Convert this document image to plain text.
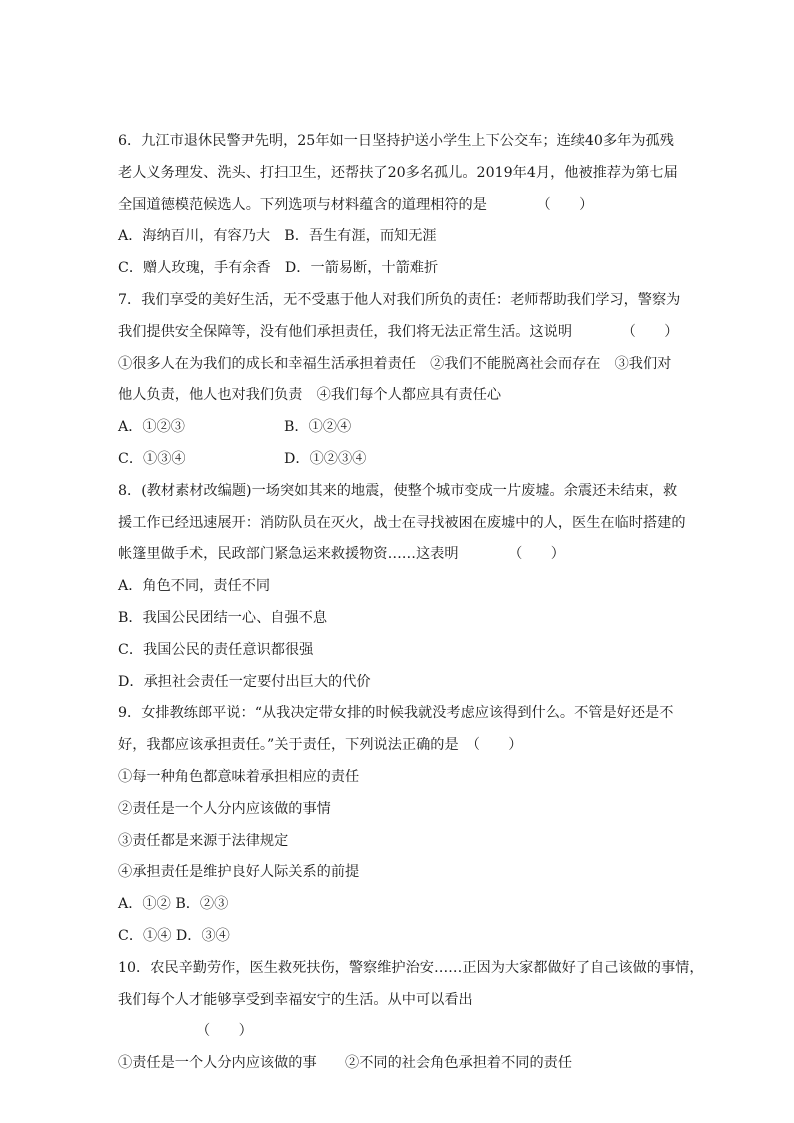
6．九江市退休民警尹先明，25年如一日坚持护送小学生上下公交车；连续40多年为孤残
老人义务理发、洗头、打扫卫生，还帮扶了20多名孤儿。2019年4月，他被推荐为第七届
全国道德模范候选人。下列选项与材料蕴含的道理相符的是　　　　（　　）
A．海纳百川，有容乃大　B．吾生有涯，而知无涯
C．赠人玫瑰，手有余香　D．一箭易断，十箭难折
7．我们享受的美好生活，无不受惠于他人对我们所负的责任：老师帮助我们学习，警察为
我们提供安全保障等，没有他们承担责任，我们将无法正常生活。这说明　　　　（　　）
①很多人在为我们的成长和幸福生活承担着责任　②我们不能脱离社会而存在　③我们对
他人负责，他人也对我们负责　④我们每个人都应具有责任心
A．①②③	B．①②④
C．①③④	D．①②③④
8．(教材素材改编题)一场突如其来的地震，使整个城市变成一片废墟。余震还未结束，救
援工作已经迅速展开：消防队员在灭火，战士在寻找被困在废墟中的人，医生在临时搭建的
帐篷里做手术，民政部门紧急运来救援物资……这表明　　　　（　　）
A．角色不同，责任不同
B．我国公民团结一心、自强不息
C．我国公民的责任意识都很强
D．承担社会责任一定要付出巨大的代价
9．女排教练郎平说：“从我决定带女排的时候我就没考虑应该得到什么。不管是好还是不
好，我都应该承担责任。”关于责任，下列说法正确的是　（　　）
①每一种角色都意味着承担相应的责任
②责任是一个人分内应该做的事情
③责任都是来源于法律规定
④承担责任是维护良好人际关系的前提
A．①② B．②③
C．①④ D．③④
10．农民辛勤劳作，医生救死扶伤，警察维护治安……正因为大家都做好了自己该做的事情，
我们每个人才能够享受到幸福安宁的生活。从中可以看出
　　　　　　（　　）
①责任是一个人分内应该做的事　　②不同的社会角色承担着不同的责任
